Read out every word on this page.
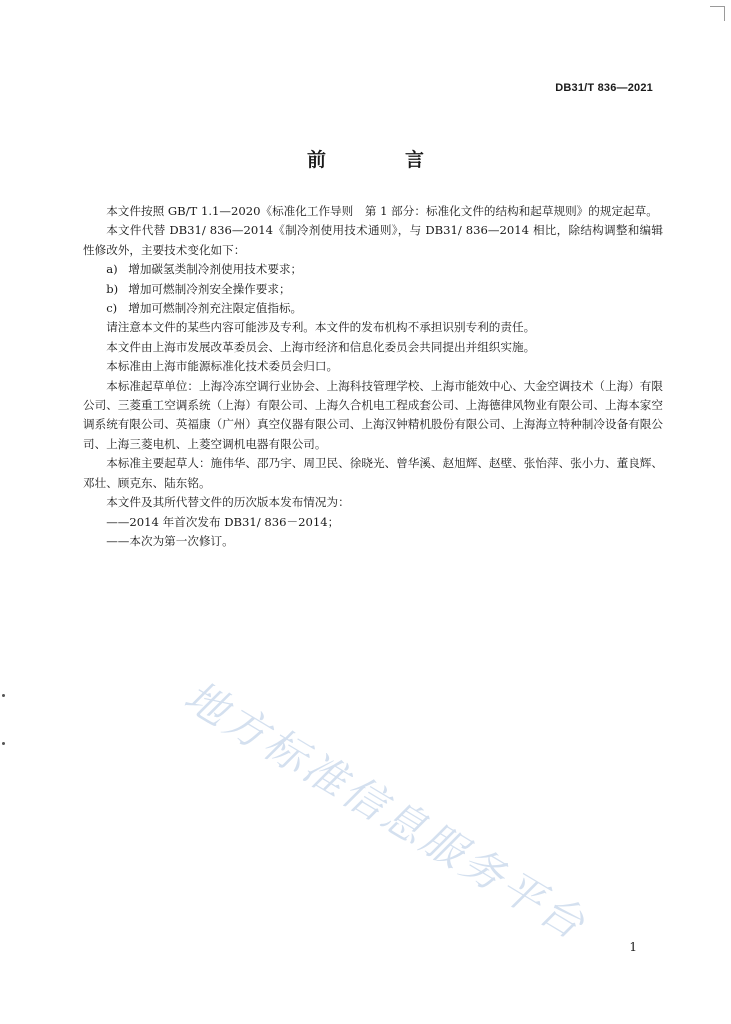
DB31/T 836—2021
前　言

本文件按照 GB/T 1.1—2020《标准化工作导则　第 1 部分：标准化文件的结构和起草规则》的规定起草。

本文件代替 DB31/ 836—2014《制冷剂使用技术通则》，与 DB31/ 836—2014 相比，除结构调整和编辑性修改外，主要技术变化如下：

a) 增加碳氢类制冷剂使用技术要求；

b) 增加可燃制冷剂安全操作要求；

c) 增加可燃制冷剂充注限定值指标。

请注意本文件的某些内容可能涉及专利。本文件的发布机构不承担识别专利的责任。

本文件由上海市发展改革委员会、上海市经济和信息化委员会共同提出并组织实施。

本标准由上海市能源标准化技术委员会归口。

本标准起草单位：上海冷冻空调行业协会、上海科技管理学校、上海市能效中心、大金空调技术（上海）有限公司、三菱重工空调系统（上海）有限公司、上海久合机电工程成套公司、上海德律风物业有限公司、上海本家空调系统有限公司、英福康（广州）真空仪器有限公司、上海汉钟精机股份有限公司、上海海立特种制冷设备有限公司、上海三菱电机、上菱空调机电器有限公司。

本标准主要起草人：施伟华、邵乃宇、周卫民、徐晓光、曾华溪、赵旭辉、赵壁、张怡萍、张小力、董良辉、邓壮、顾克东、陆东铭。

本文件及其所代替文件的历次版本发布情况为：

——2014 年首次发布 DB31/ 836－2014；

——本次为第一次修订。

地方标准信息服务平台	1
